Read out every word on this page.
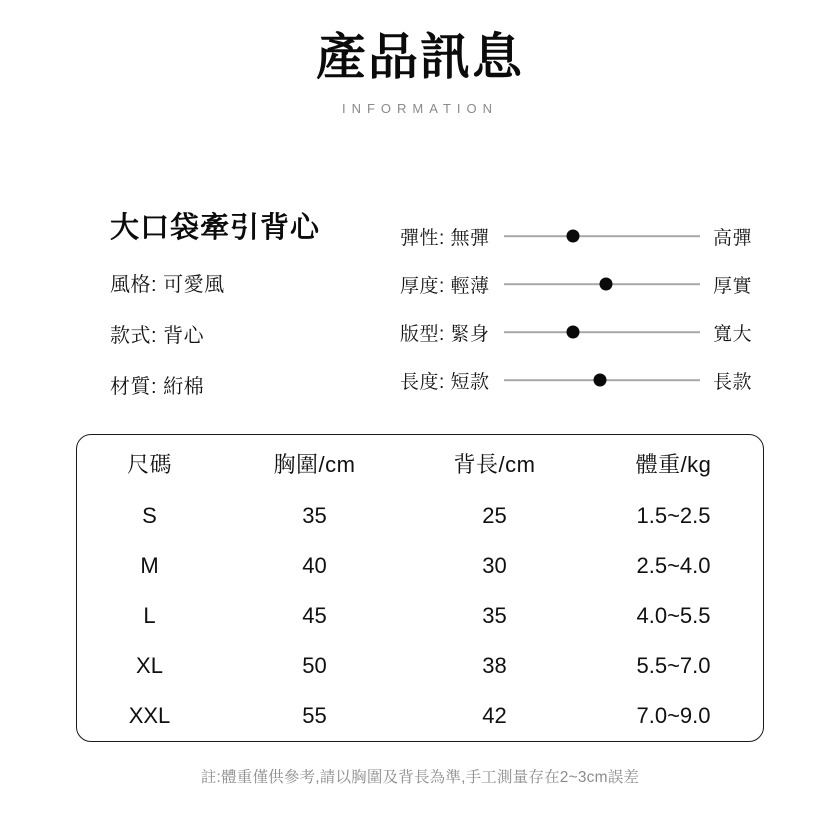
產品訊息
INFORMATION
大口袋牽引背心
風格: 可愛風
款式: 背心
材質: 絎棉
彈性: 無彈	高彈
厚度: 輕薄	厚實
版型: 緊身	寬大
長度: 短款	長款
尺碼	胸圍/cm	背長/cm	體重/kg
S	35	25	1.5~2.5
M	40	30	2.5~4.0
L	45	35	4.0~5.5
XL	50	38	5.5~7.0
XXL	55	42	7.0~9.0
註:體重僅供參考,請以胸圍及背長為準,手工測量存在2~3cm誤差
